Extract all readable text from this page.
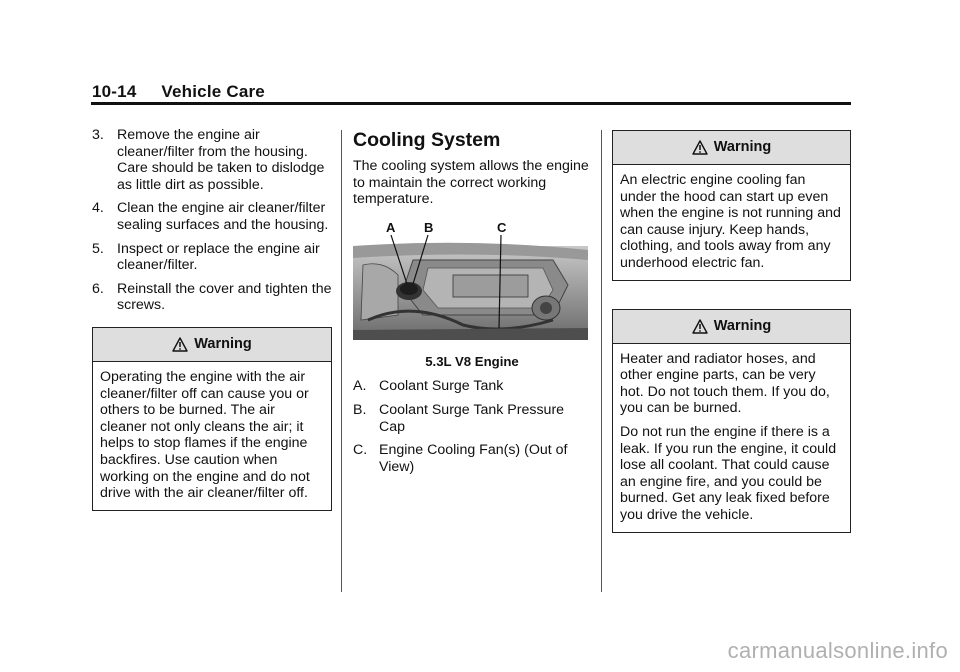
10-14 Vehicle Care
3. Remove the engine air cleaner/filter from the housing. Care should be taken to dislodge as little dirt as possible.
4. Clean the engine air cleaner/filter sealing surfaces and the housing.
5. Inspect or replace the engine air cleaner/filter.
6. Reinstall the cover and tighten the screws.
Warning

Operating the engine with the air cleaner/filter off can cause you or others to be burned. The air cleaner not only cleans the air; it helps to stop flames if the engine backfires. Use caution when working on the engine and do not drive with the air cleaner/filter off.

Cooling System

The cooling system allows the engine to maintain the correct working temperature.

A B	C
5.3L V8 Engine
A. Coolant Surge Tank
B. Coolant Surge Tank Pressure Cap
C. Engine Cooling Fan(s) (Out of View)
Warning

An electric engine cooling fan under the hood can start up even when the engine is not running and can cause injury. Keep hands, clothing, and tools away from any underhood electric fan.

Warning

Heater and radiator hoses, and other engine parts, can be very hot. Do not touch them. If you do, you can be burned.

Do not run the engine if there is a leak. If you run the engine, it could lose all coolant. That could cause an engine fire, and you could be burned. Get any leak fixed before you drive the vehicle.

carmanualsonline.info
